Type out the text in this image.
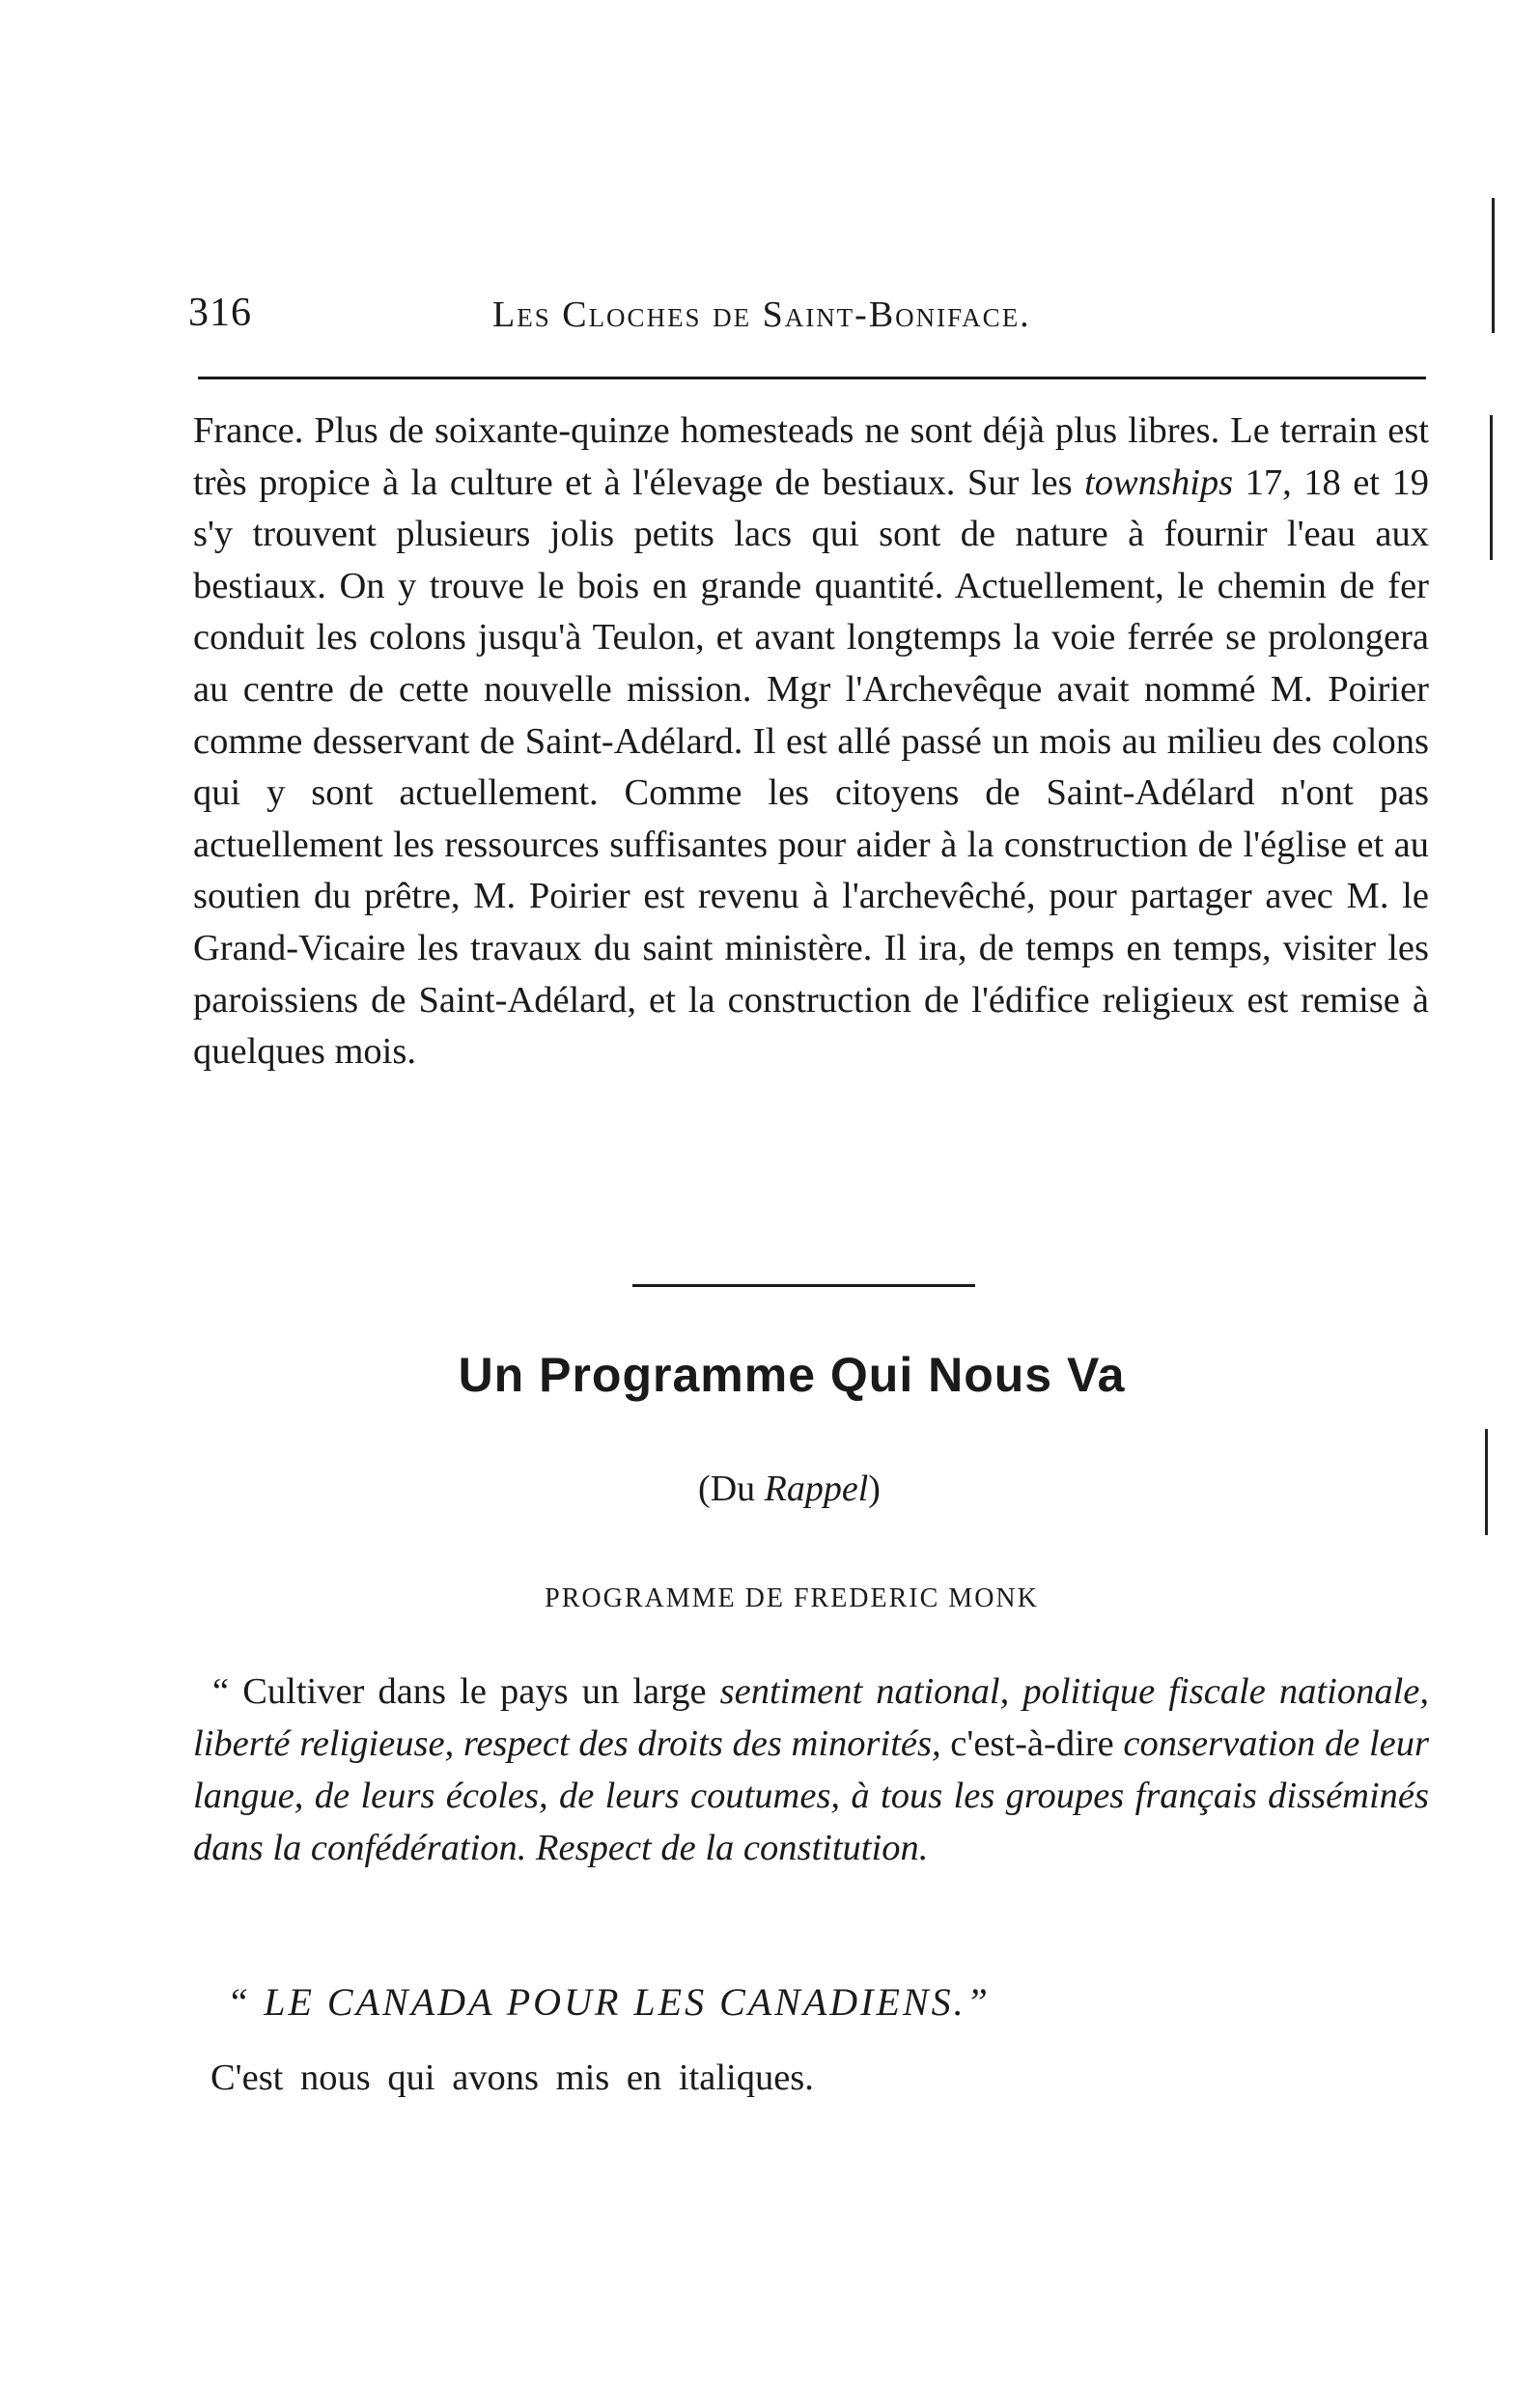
316	Les Cloches de Saint-Boniface.

France. Plus de soixante-quinze homesteads ne sont déjà plus libres. Le terrain est très propice à la culture et à l'élevage de bestiaux. Sur les townships 17, 18 et 19 s'y trouvent plusieurs jolis petits lacs qui sont de nature à fournir l'eau aux bestiaux. On y trouve le bois en grande quantité. Actuellement, le chemin de fer conduit les colons jusqu'à Teulon, et avant longtemps la voie ferrée se prolongera au centre de cette nouvelle mission. Mgr l'Archevêque avait nommé M. Poirier comme desservant de Saint-Adélard. Il est allé passé un mois au milieu des colons qui y sont actuellement. Comme les citoyens de Saint-Adélard n'ont pas actuellement les ressources suffisantes pour aider à la construction de l'église et au soutien du prêtre, M. Poirier est revenu à l'archevêché, pour partager avec M. le Grand-Vicaire les travaux du saint ministère. Il ira, de temps en temps, visiter les paroissiens de Saint-Adélard, et la construction de l'édifice religieux est remise à quelques mois.

Un Programme Qui Nous Va
(Du Rappel)
PROGRAMME DE FREDERIC MONK

“ Cultiver dans le pays un large sentiment national, politique fiscale nationale, liberté religieuse, respect des droits des minorités, c'est-à-dire conservation de leur langue, de leurs écoles, de leurs coutumes, à tous les groupes français disséminés dans la confédération. Respect de la constitution.

“ LE CANADA POUR LES CANADIENS.”
C'est nous qui avons mis en italiques.
